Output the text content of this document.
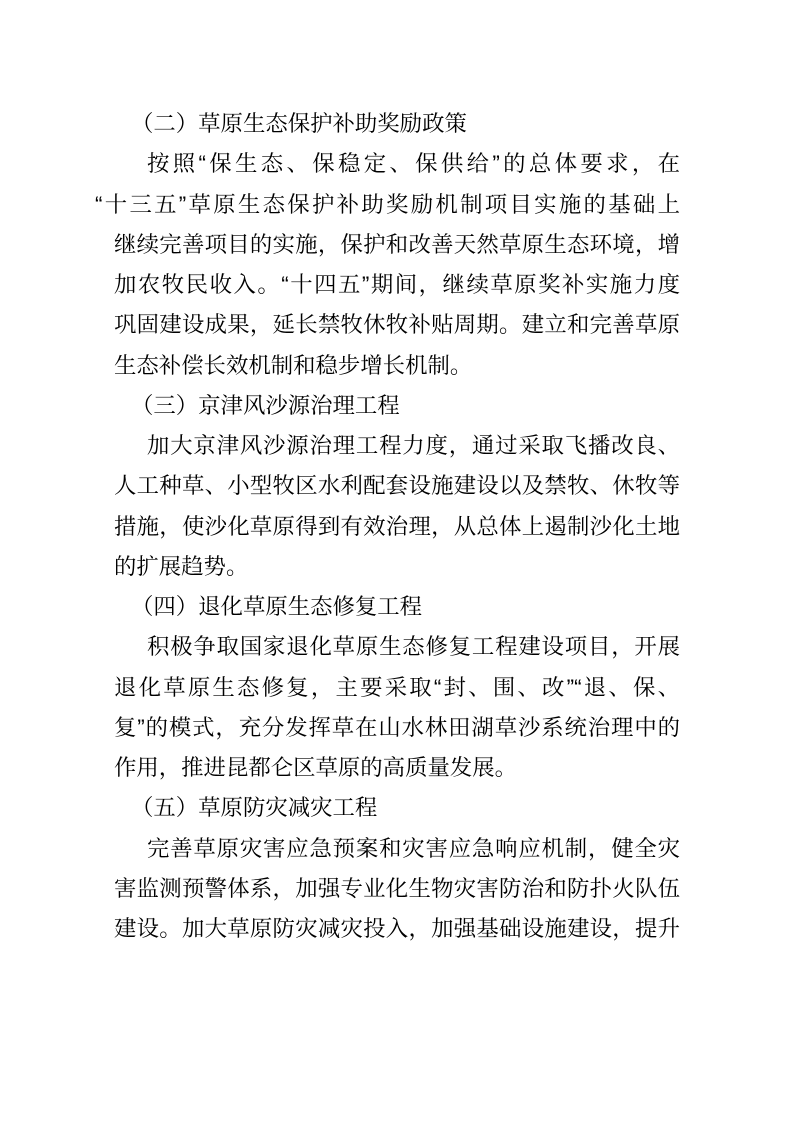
（二）草原生态保护补助奖励政策
按照“保生态、保稳定、保供给”的总体要求，在
“十三五”草原生态保护补助奖励机制项目实施的基础上
继续完善项目的实施，保护和改善天然草原生态环境，增
加农牧民收入。“十四五”期间，继续草原奖补实施力度
巩固建设成果，延长禁牧休牧补贴周期。建立和完善草原
生态补偿长效机制和稳步增长机制。
（三）京津风沙源治理工程
加大京津风沙源治理工程力度，通过采取飞播改良、
人工种草、小型牧区水利配套设施建设以及禁牧、休牧等
措施，使沙化草原得到有效治理，从总体上遏制沙化土地
的扩展趋势。
（四）退化草原生态修复工程
积极争取国家退化草原生态修复工程建设项目，开展
退化草原生态修复，主要采取“封、围、改”“退、保、
复”的模式，充分发挥草在山水林田湖草沙系统治理中的
作用，推进昆都仑区草原的高质量发展。
（五）草原防灾减灾工程
完善草原灾害应急预案和灾害应急响应机制，健全灾
害监测预警体系，加强专业化生物灾害防治和防扑火队伍
建设。加大草原防灾减灾投入，加强基础设施建设，提升
